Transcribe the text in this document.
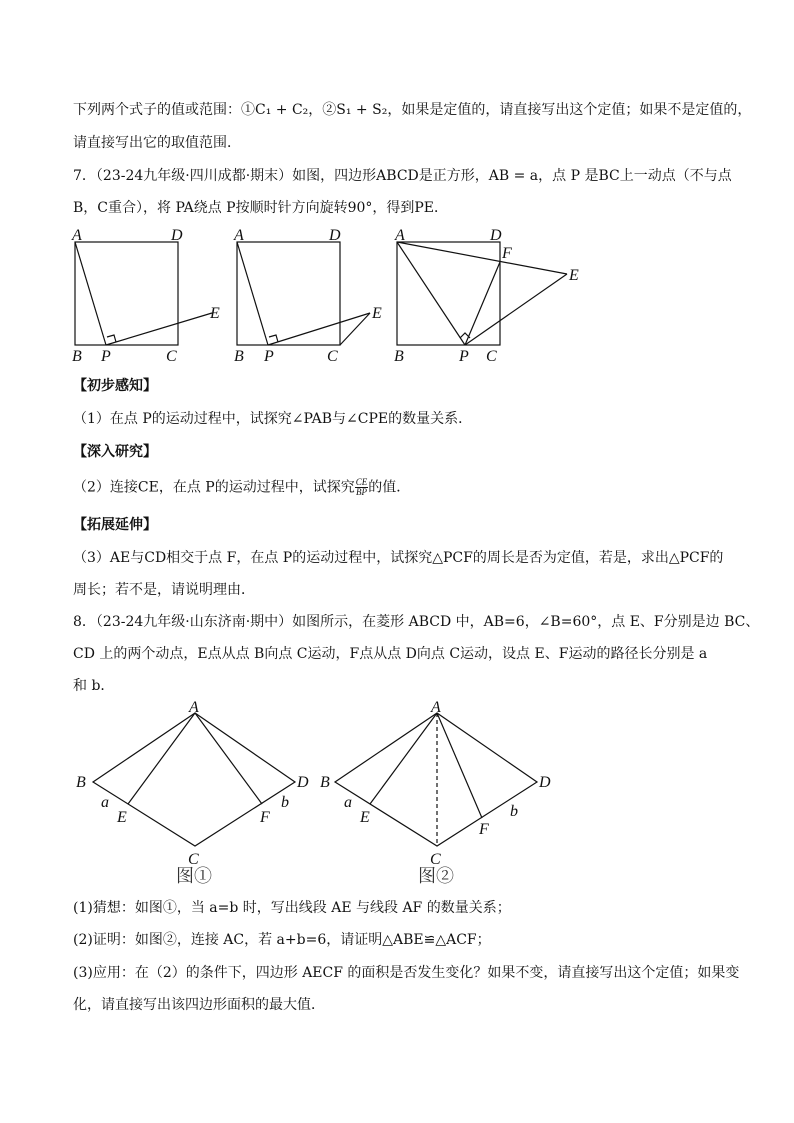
下列两个式子的值或范围：①C₁ + C₂，②S₁ + S₂，如果是定值的，请直接写出这个定值；如果不是定值的，
请直接写出它的取值范围．
7．（23-24九年级·四川成都·期末）如图，四边形ABCD是正方形，AB = a，点 P 是BC上一动点（不与点
B，C重合），将 PA绕点 P按顺时针方向旋转90°，得到PE．
A	D
B P	C
E
A	D
B P	C
E
A	D
F
E
B	P C
【初步感知】
（1）在点 P的运动过程中，试探究∠PAB与∠CPE的数量关系．
【深入研究】
（2）连接CE，在点 P的运动过程中，试探究 $\frac{CE}{BP}$ 的值．
【拓展延伸】
（3）AE与CD相交于点 F，在点 P的运动过程中，试探究△PCF的周长是否为定值，若是，求出△PCF的
周长；若不是，请说明理由．
8．（23-24九年级·山东济南·期中）如图所示，在菱形 ABCD 中，AB=6，∠B=60°，点 E、F分别是边 BC、
CD 上的两个动点，E点从点 B向点 C运动，F点从点 D向点 C运动，设点 E、F运动的路径长分别是 a
和 b．
A
B	D
C
E	F
a	b
图①
A
B	D
C
E
F
a
b
图②
(1)猜想：如图①，当 a=b 时，写出线段 AE 与线段 AF 的数量关系；
(2)证明：如图②，连接 AC，若 a+b=6，请证明△ABE≌△ACF；
(3)应用：在（2）的条件下，四边形 AECF 的面积是否发生变化？如果不变，请直接写出这个定值；如果变
化，请直接写出该四边形面积的最大值．
